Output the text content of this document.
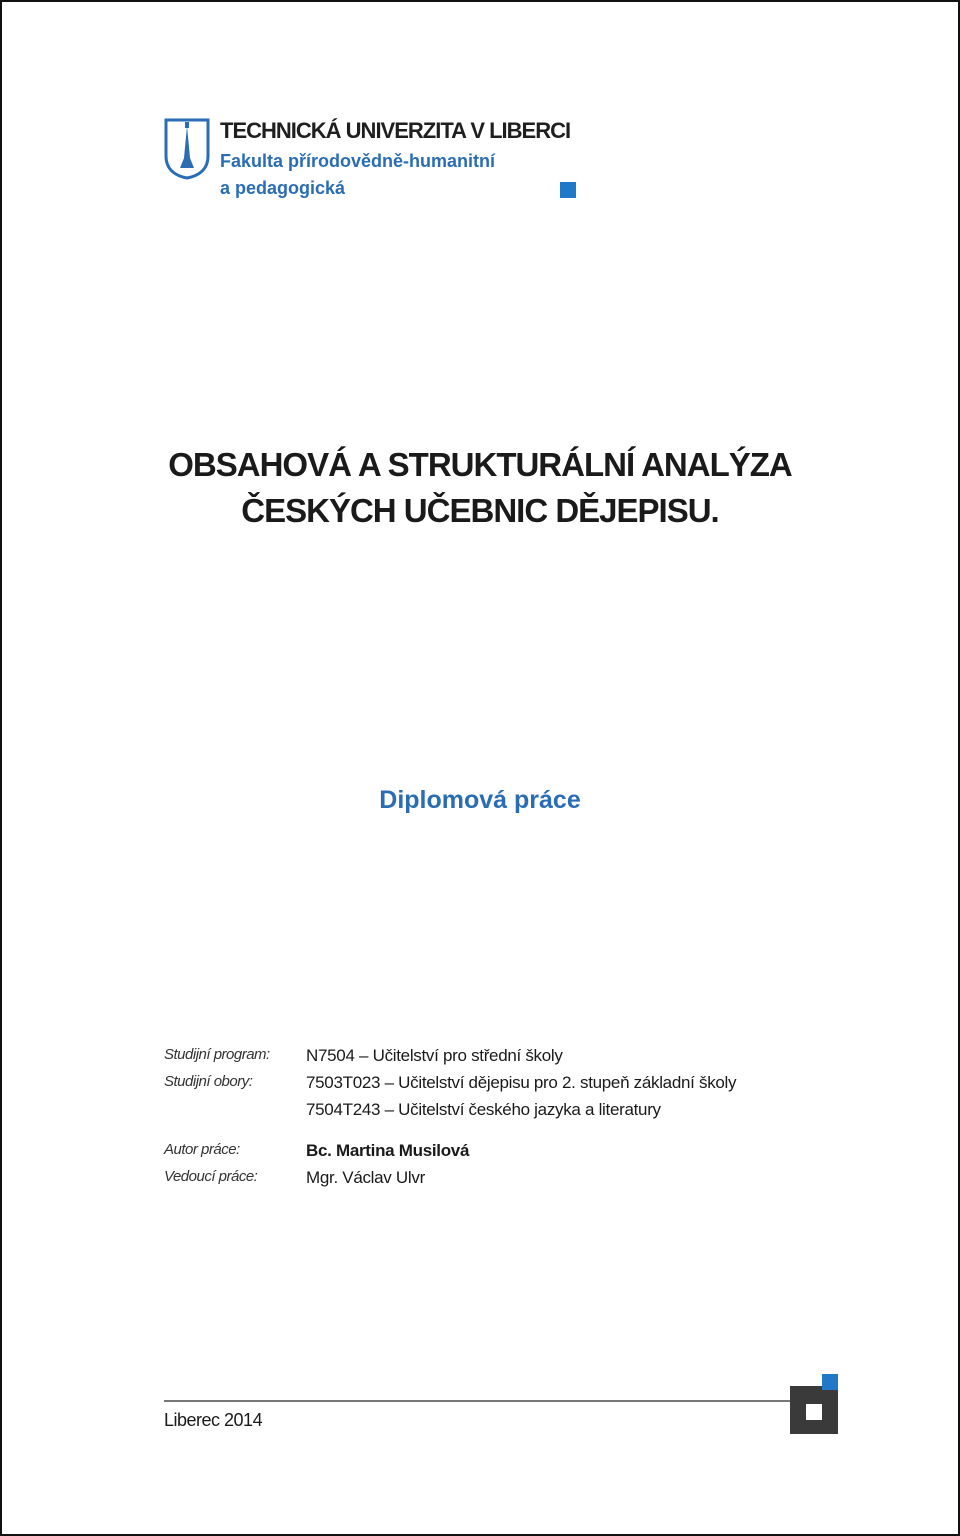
TECHNICKÁ UNIVERZITA V LIBERCI
Fakulta přírodovědně-humanitní
a pedagogická
OBSAHOVÁ A STRUKTURÁLNÍ ANALÝZA
ČESKÝCH UČEBNIC DĚJEPISU.
Diplomová práce
Studijní program: N7504 – Učitelství pro střední školy
Studijní obory:	7503T023 – Učitelství dějepisu pro 2. stupeň základní školy
7504T243 – Učitelství českého jazyka a literatury
Autor práce:	Bc. Martina Musilová
Vedoucí práce:	Mgr. Václav Ulvr
Liberec 2014
